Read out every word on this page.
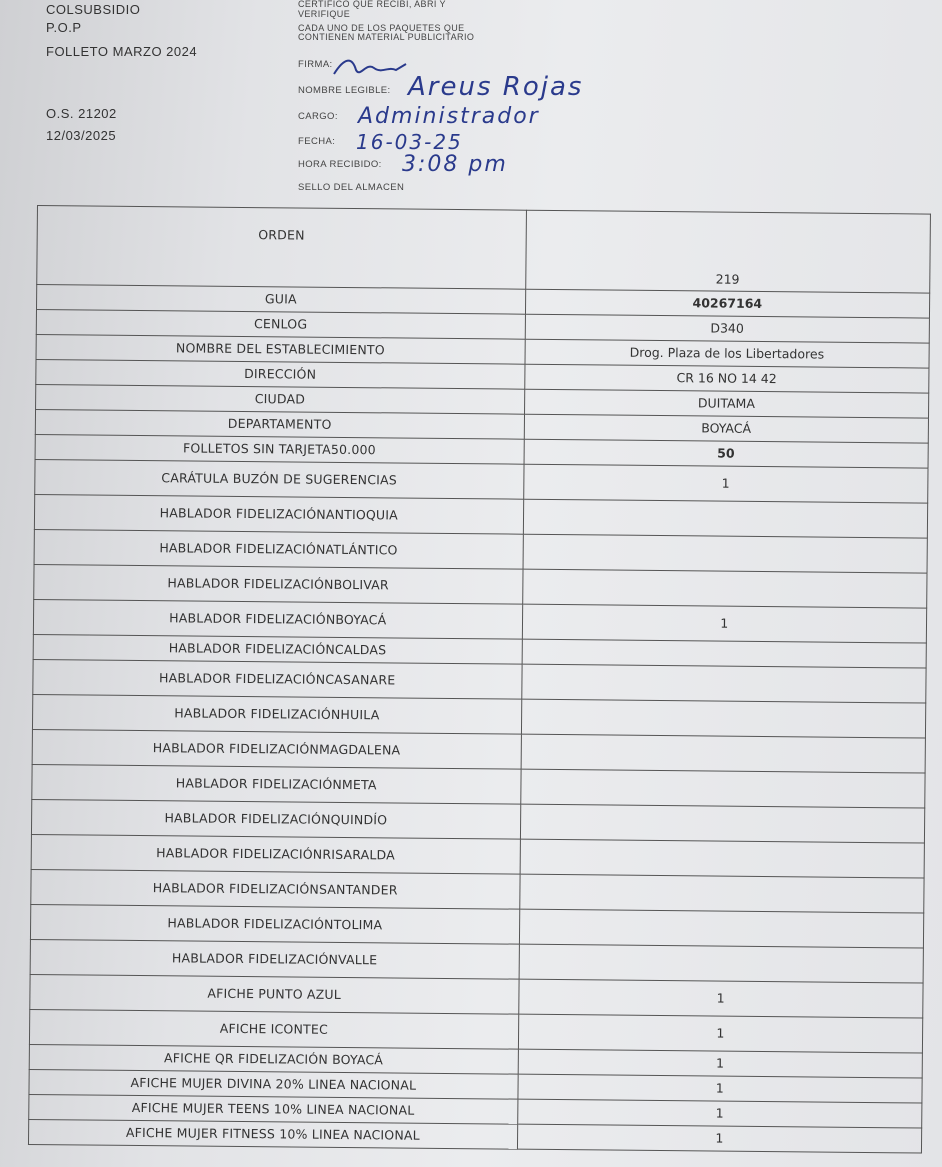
COLSUBSIDIO
P.O.P
FOLLETO MARZO 2024
O.S. 21202
12/03/2025
CERTIFICO QUE RECIBI, ABRI Y
VERIFIQUE
CADA UNO DE LOS PAQUETES QUE
CONTIENEN MATERIAL PUBLICITARIO
FIRMA:
NOMBRE LEGIBLE: Areus Rojas
CARGO: Administrador
FECHA: 16-03-25
HORA RECIBIDO: 3:08 pm
SELLO DEL ALMACEN
ORDEN	219
GUIA	40267164
CENLOG	D340
NOMBRE DEL ESTABLECIMIENTO	Drog. Plaza de los Libertadores
DIRECCIÓN	CR 16 NO 14 42
CIUDAD	DUITAMA
DEPARTAMENTO	BOYACÁ
FOLLETOS SIN TARJETA50.000	50
CARÁTULA BUZÓN DE SUGERENCIAS	1
HABLADOR FIDELIZACIÓNANTIOQUIA	
HABLADOR FIDELIZACIÓNATLÁNTICO	
HABLADOR FIDELIZACIÓNBOLIVAR	
HABLADOR FIDELIZACIÓNBOYACÁ	1
HABLADOR FIDELIZACIÓNCALDAS	
HABLADOR FIDELIZACIÓNCASANARE	
HABLADOR FIDELIZACIÓNHUILA	
HABLADOR FIDELIZACIÓNMAGDALENA	
HABLADOR FIDELIZACIÓNMETA	
HABLADOR FIDELIZACIÓNQUINDÍO	
HABLADOR FIDELIZACIÓNRISARALDA	
HABLADOR FIDELIZACIÓNSANTANDER	
HABLADOR FIDELIZACIÓNTOLIMA	
HABLADOR FIDELIZACIÓNVALLE	
AFICHE PUNTO AZUL	1
AFICHE ICONTEC	1
AFICHE QR FIDELIZACIÓN BOYACÁ	1
AFICHE MUJER DIVINA 20% LINEA NACIONAL	1
AFICHE MUJER TEENS 10% LINEA NACIONAL	1
AFICHE MUJER FITNESS 10% LINEA NACIONAL	1
